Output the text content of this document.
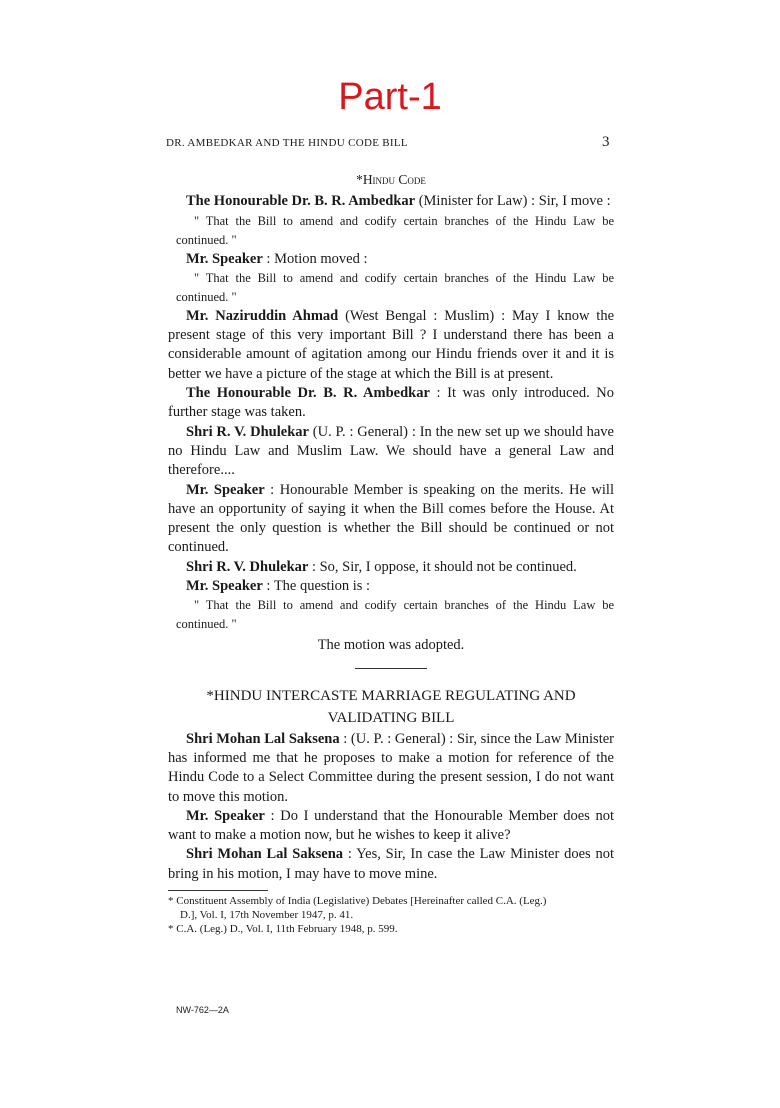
Part-1
DR. AMBEDKAR AND THE HINDU CODE BILL	3
*Hindu Code

The Honourable Dr. B. R. Ambedkar (Minister for Law) : Sir, I move :

" That the Bill to amend and codify certain branches of the Hindu Law be continued. "

Mr. Speaker : Motion moved :

" That the Bill to amend and codify certain branches of the Hindu Law be continued. "

Mr. Naziruddin Ahmad (West Bengal : Muslim) : May I know the present stage of this very important Bill ? I understand there has been a considerable amount of agitation among our Hindu friends over it and it is better we have a picture of the stage at which the Bill is at present.

The Honourable Dr. B. R. Ambedkar : It was only introduced. No further stage was taken.

Shri R. V. Dhulekar (U. P. : General) : In the new set up we should have no Hindu Law and Muslim Law. We should have a general Law and therefore....

Mr. Speaker : Honourable Member is speaking on the merits. He will have an opportunity of saying it when the Bill comes before the House. At present the only question is whether the Bill should be continued or not continued.

Shri R. V. Dhulekar : So, Sir, I oppose, it should not be continued.

Mr. Speaker : The question is :

" That the Bill to amend and codify certain branches of the Hindu Law be continued. "

The motion was adopted.

*HINDU INTERCASTE MARRIAGE REGULATING AND
VALIDATING BILL

Shri Mohan Lal Saksena : (U. P. : General) : Sir, since the Law Minister has informed me that he proposes to make a motion for reference of the Hindu Code to a Select Committee during the present session, I do not want to move this motion.

Mr. Speaker : Do I understand that the Honourable Member does not want to make a motion now, but he wishes to keep it alive?

Shri Mohan Lal Saksena : Yes, Sir, In case the Law Minister does not bring in his motion, I may have to move mine.

* Constituent Assembly of India (Legislative) Debates [Hereinafter called C.A. (Leg.)
D.], Vol. I, 17th November 1947, p. 41.

* C.A. (Leg.) D., Vol. I, 11th February 1948, p. 599.

NW-762—2A
